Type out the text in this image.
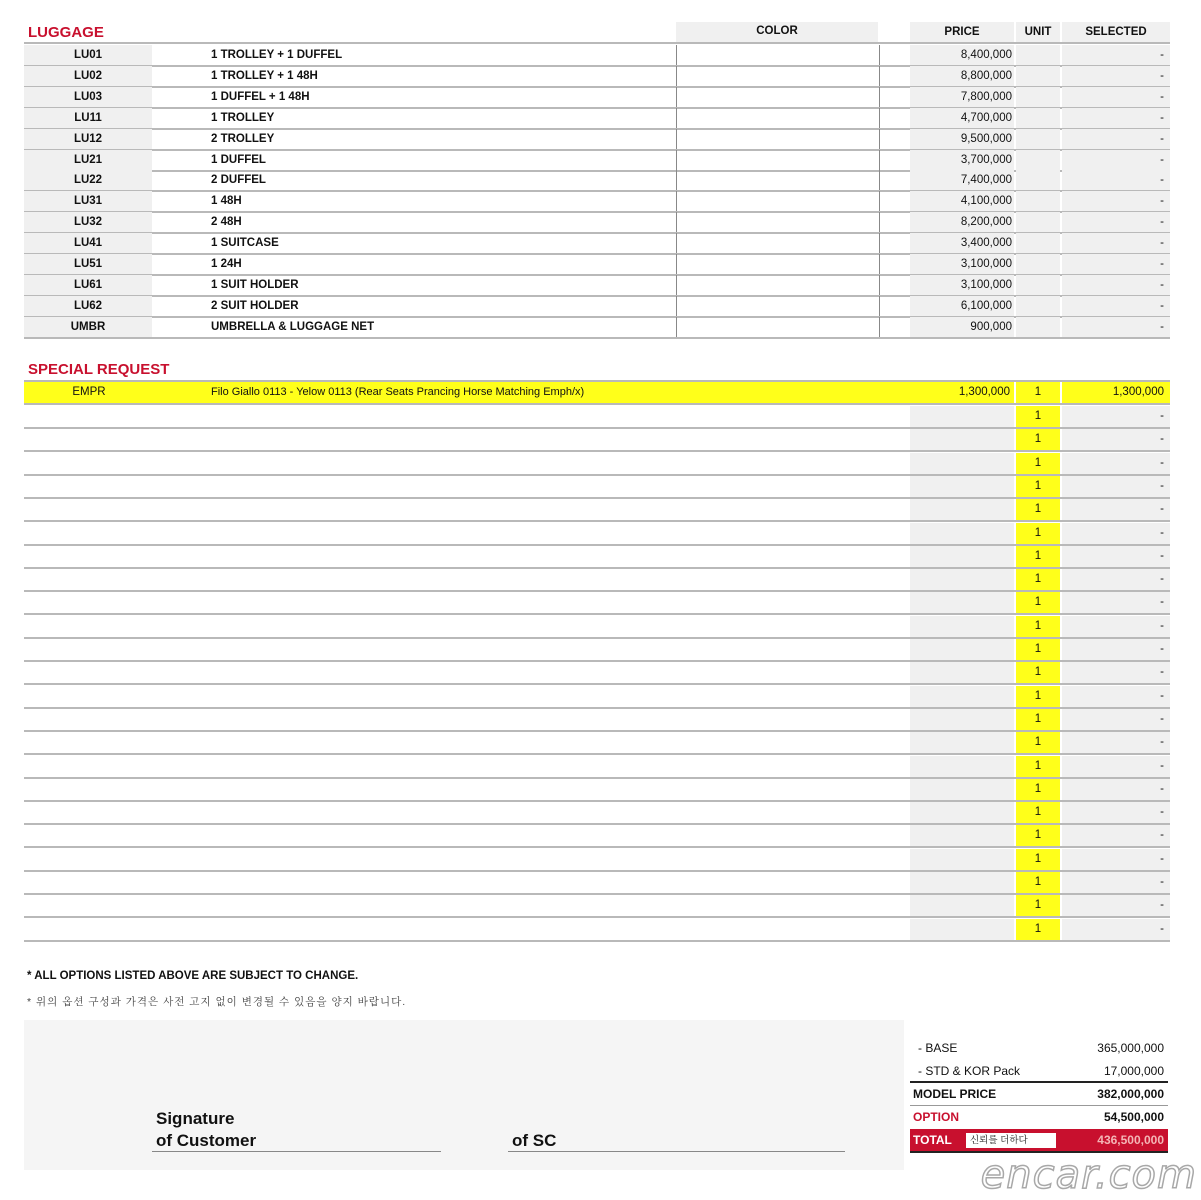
LUGGAGE	COLOR	PRICE	UNIT	SELECTED
LU01	1 TROLLEY + 1 DUFFEL	8,400,000	-
LU02	1 TROLLEY + 1 48H	8,800,000	-
LU03	1 DUFFEL + 1 48H	7,800,000	-
LU11	1 TROLLEY	4,700,000	-
LU12	2 TROLLEY	9,500,000	-
LU21	1 DUFFEL	3,700,000	-
LU22	2 DUFFEL	7,400,000	-
LU31	1 48H	4,100,000	-
LU32	2 48H	8,200,000	-
LU41	1 SUITCASE	3,400,000	-
LU51	1 24H	3,100,000	-
LU61	1 SUIT HOLDER	3,100,000	-
LU62	2 SUIT HOLDER	6,100,000	-
UMBR	UMBRELLA & LUGGAGE NET	900,000	-
SPECIAL REQUEST
EMPR	Filo Giallo 0113 - Yelow 0113 (Rear Seats Prancing Horse Matching Emph/x)	1,300,000	1	1,300,000
1	-
1	-
1	-
1	-
1	-
1	-
1	-
1	-
1	-
1	-
1	-
1	-
1	-
1	-
1	-
1	-
1	-
1	-
1	-
1	-
1	-
1	-
1	-
* ALL OPTIONS LISTED ABOVE ARE SUBJECT TO CHANGE.
* 위의 옵션 구성과 가격은 사전 고지 없이 변경될 수 있음을 양지 바랍니다.
Signature
of Customer	of SC
- BASE	365,000,000
- STD & KOR Pack	17,000,000
MODEL PRICE	382,000,000
OPTION	54,500,000
TOTAL	신뢰를 더하다	436,500,000
encar.com
